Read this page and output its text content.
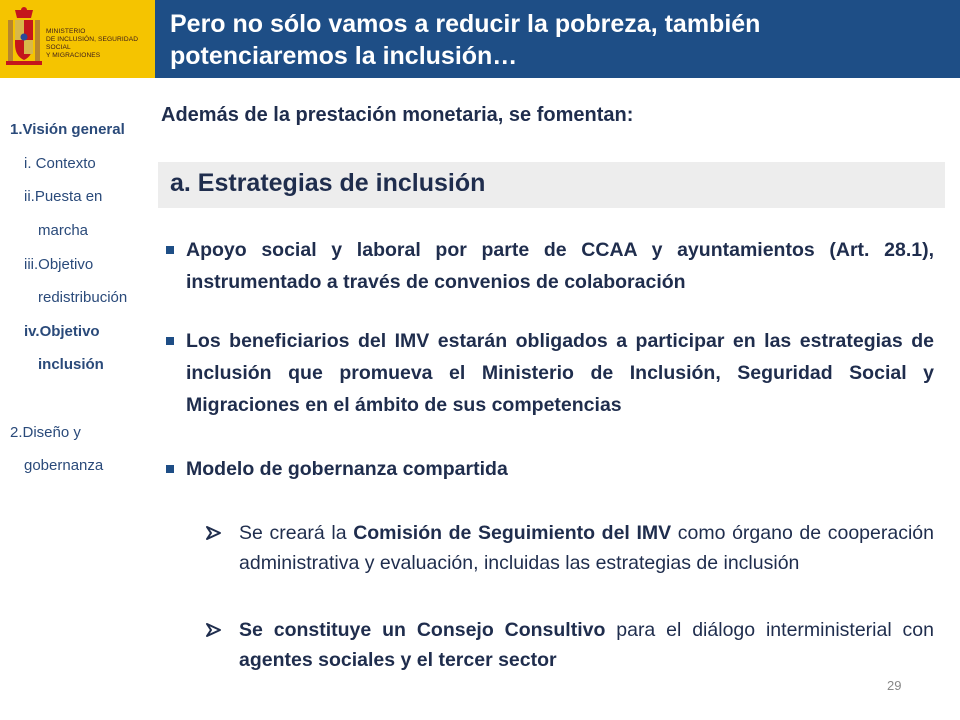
MINISTERIO
DE INCLUSIÓN, SEGURIDAD SOCIAL
Y MIGRACIONES
Pero no sólo vamos a reducir la pobreza, también
potenciaremos la inclusión…
1.Visión general
i. Contexto
ii.Puesta en
marcha
iii.Objetivo
redistribución
iv.Objetivo
inclusión
2.Diseño y
gobernanza
Además de la prestación monetaria, se fomentan:
a. Estrategias de inclusión
Apoyo social y laboral por parte de CCAA y ayuntamientos (Art. 28.1), instrumentado a través de convenios de colaboración
Los beneficiarios del IMV estarán obligados a participar en las estrategias de inclusión que promueva el Ministerio de Inclusión, Seguridad Social y Migraciones en el ámbito de sus competencias
Modelo de gobernanza compartida
Se creará la Comisión de Seguimiento del IMV como órgano de cooperación administrativa y evaluación, incluidas las estrategias de inclusión
Se constituye un Consejo Consultivo para el diálogo interministerial con agentes sociales y el tercer sector
29
